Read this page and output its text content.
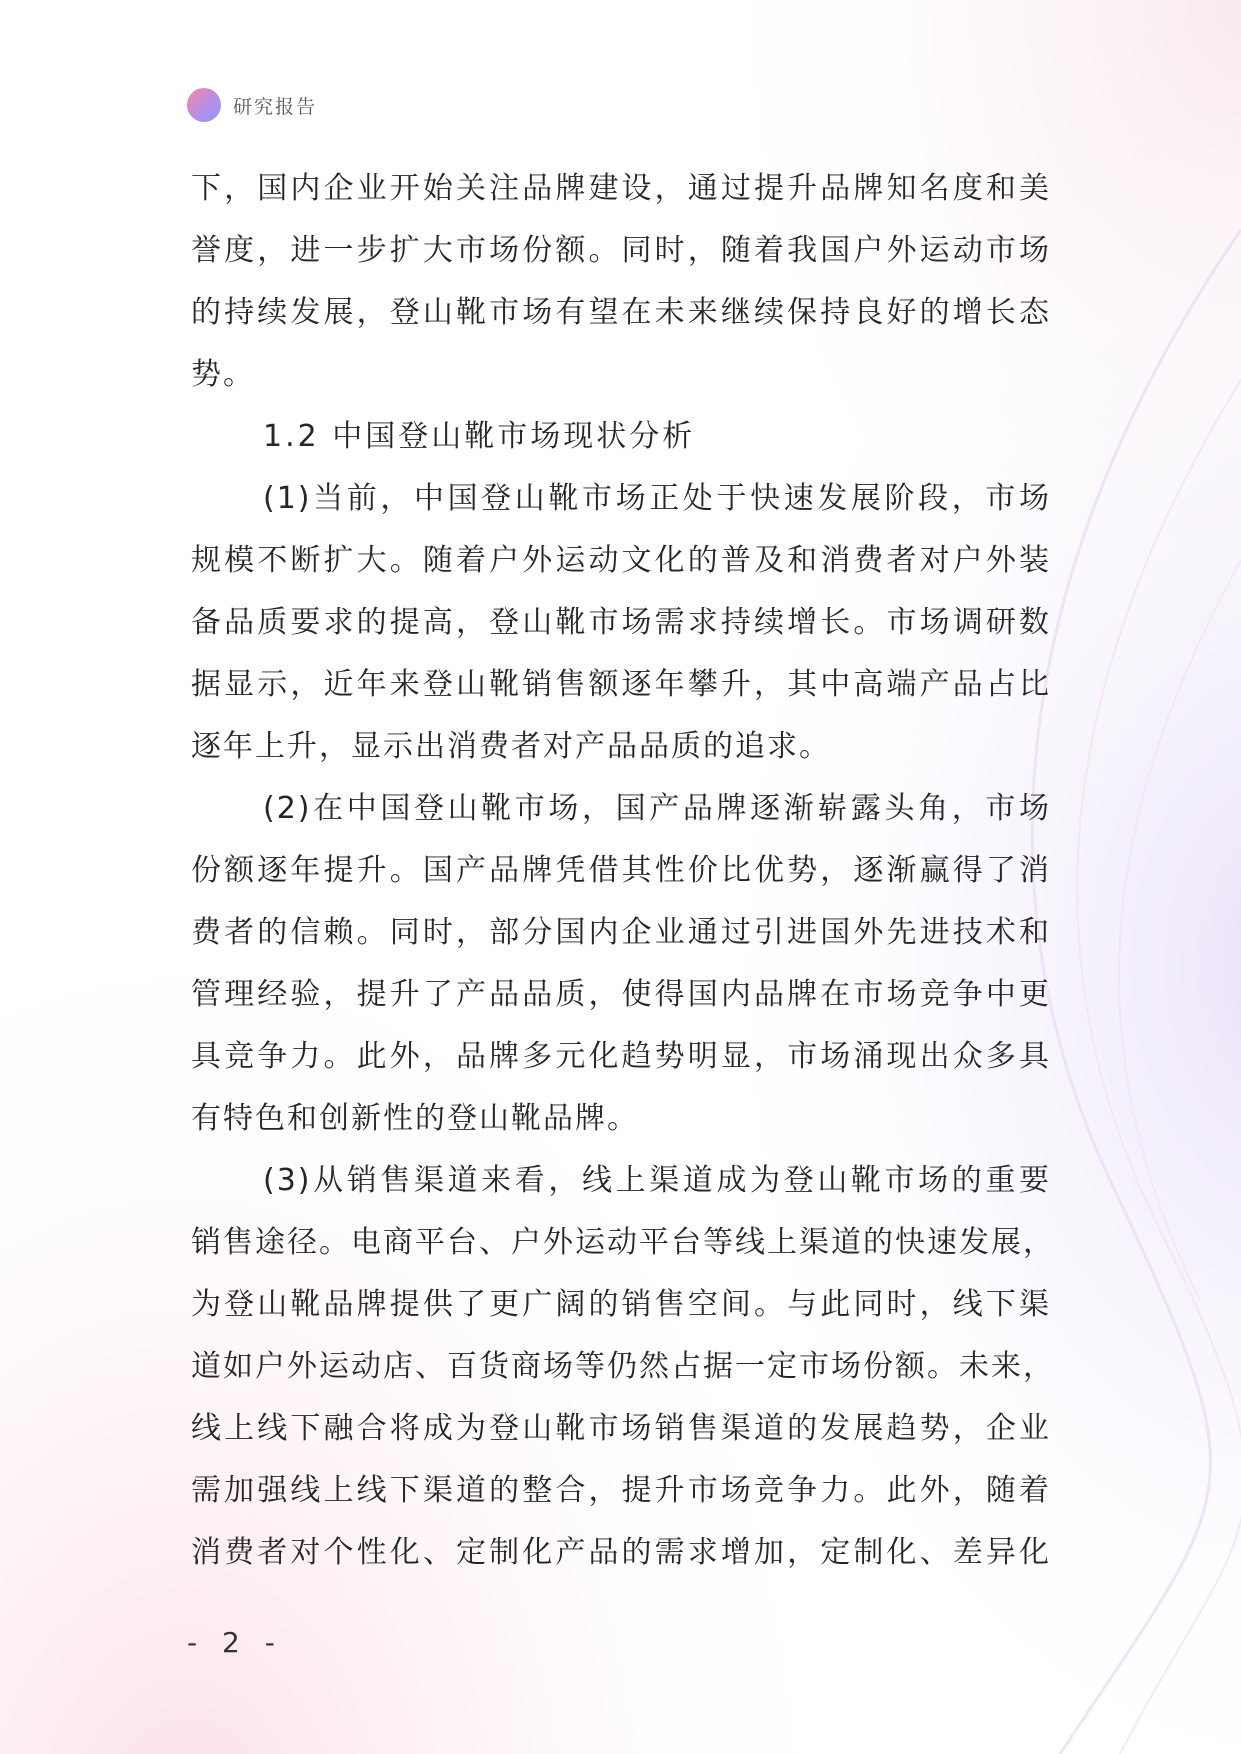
研究报告
下，国内企业开始关注品牌建设，通过提升品牌知名度和美
誉度，进一步扩大市场份额。同时，随着我国户外运动市场
的持续发展，登山靴市场有望在未来继续保持良好的增长态
势。
1.2 中国登山靴市场现状分析
(1)当前，中国登山靴市场正处于快速发展阶段，市场
规模不断扩大。随着户外运动文化的普及和消费者对户外装
备品质要求的提高，登山靴市场需求持续增长。市场调研数
据显示，近年来登山靴销售额逐年攀升，其中高端产品占比
逐年上升，显示出消费者对产品品质的追求。
(2)在中国登山靴市场，国产品牌逐渐崭露头角，市场
份额逐年提升。国产品牌凭借其性价比优势，逐渐赢得了消
费者的信赖。同时，部分国内企业通过引进国外先进技术和
管理经验，提升了产品品质，使得国内品牌在市场竞争中更
具竞争力。此外，品牌多元化趋势明显，市场涌现出众多具
有特色和创新性的登山靴品牌。
(3)从销售渠道来看，线上渠道成为登山靴市场的重要
销售途径。电商平台、户外运动平台等线上渠道的快速发展，
为登山靴品牌提供了更广阔的销售空间。与此同时，线下渠
道如户外运动店、百货商场等仍然占据一定市场份额。未来，
线上线下融合将成为登山靴市场销售渠道的发展趋势，企业
需加强线上线下渠道的整合，提升市场竞争力。此外，随着
消费者对个性化、定制化产品的需求增加，定制化、差异化
- 2 -
